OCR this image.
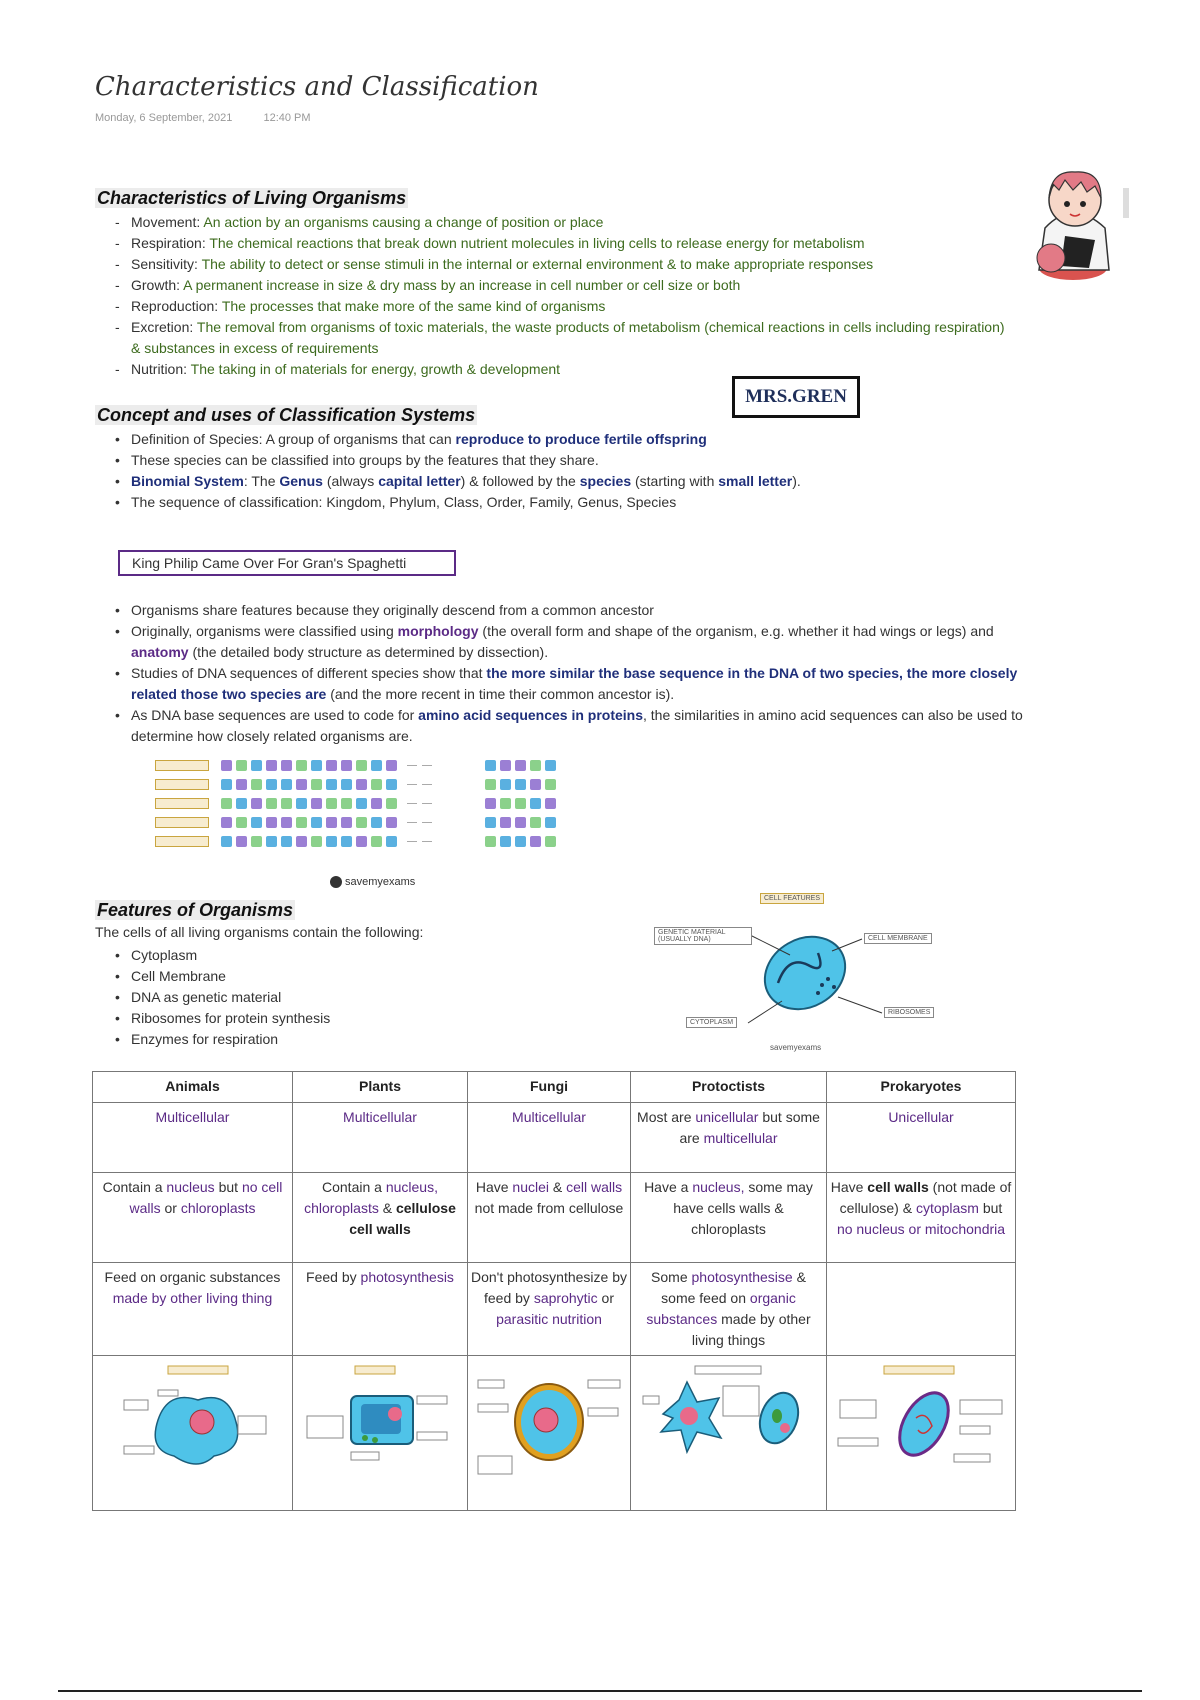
Characteristics and Classification
Monday, 6 September, 2021	12:40 PM
Characteristics of Living Organisms
- Movement: An action by an organisms causing a change of position or place
- Respiration: The chemical reactions that break down nutrient molecules in living cells to release energy for metabolism
- Sensitivity: The ability to detect or sense stimuli in the internal or external environment & to make appropriate responses
- Growth: A permanent increase in size & dry mass by an increase in cell number or cell size or both
- Reproduction: The processes that make more of the same kind of organisms
- Excretion: The removal from organisms of toxic materials, the waste products of metabolism (chemical reactions in cells including respiration) & substances in excess of requirements
- Nutrition: The taking in of materials for energy, growth & development
MRS.GREN
Concept and uses of Classification Systems
• Definition of Species: A group of organisms that can reproduce to produce fertile offspring
• These species can be classified into groups by the features that they share.
• Binomial System: The Genus (always capital letter) & followed by the species (starting with small letter).
• The sequence of classification: Kingdom, Phylum, Class, Order, Family, Genus, Species
King Philip Came Over For Gran's Spaghetti
• Organisms share features because they originally descend from a common ancestor
• Originally, organisms were classified using morphology (the overall form and shape of the organism, e.g. whether it had wings or legs) and anatomy (the detailed body structure as determined by dissection).
• Studies of DNA sequences of different species show that the more similar the base sequence in the DNA of two species, the more closely related those two species are (and the more recent in time their common ancestor is).
• As DNA base sequences are used to code for amino acid sequences in proteins, the similarities in amino acid sequences can also be used to determine how closely related organisms are.
savemyexams
Features of Organisms
The cells of all living organisms contain the following:
• Cytoplasm
• Cell Membrane
• DNA as genetic material
• Ribosomes for protein synthesis
• Enzymes for respiration
CELL FEATURES
GENETIC MATERIAL (USUALLY DNA)	CELL MEMBRANE
RIBOSOMES
CYTOPLASM
savemyexams
Animals	Plants	Fungi	Protoctists	Prokaryotes
Multicellular	Multicellular	Multicellular	Most are unicellular but some are multicellular	Unicellular
Contain a nucleus but no cell walls or chloroplasts	Contain a nucleus, chloroplasts & cellulose cell walls	Have nuclei & cell walls not made from cellulose	Have a nucleus, some may have cells walls & chloroplasts	Have cell walls (not made of cellulose) & cytoplasm but no nucleus or mitochondria
Feed on organic substances made by other living thing	Feed by photosynthesis	Don't photosynthesize by feed by saprohytic or parasitic nutrition	Some photosynthesise & some feed on organic substances made by other living things	
